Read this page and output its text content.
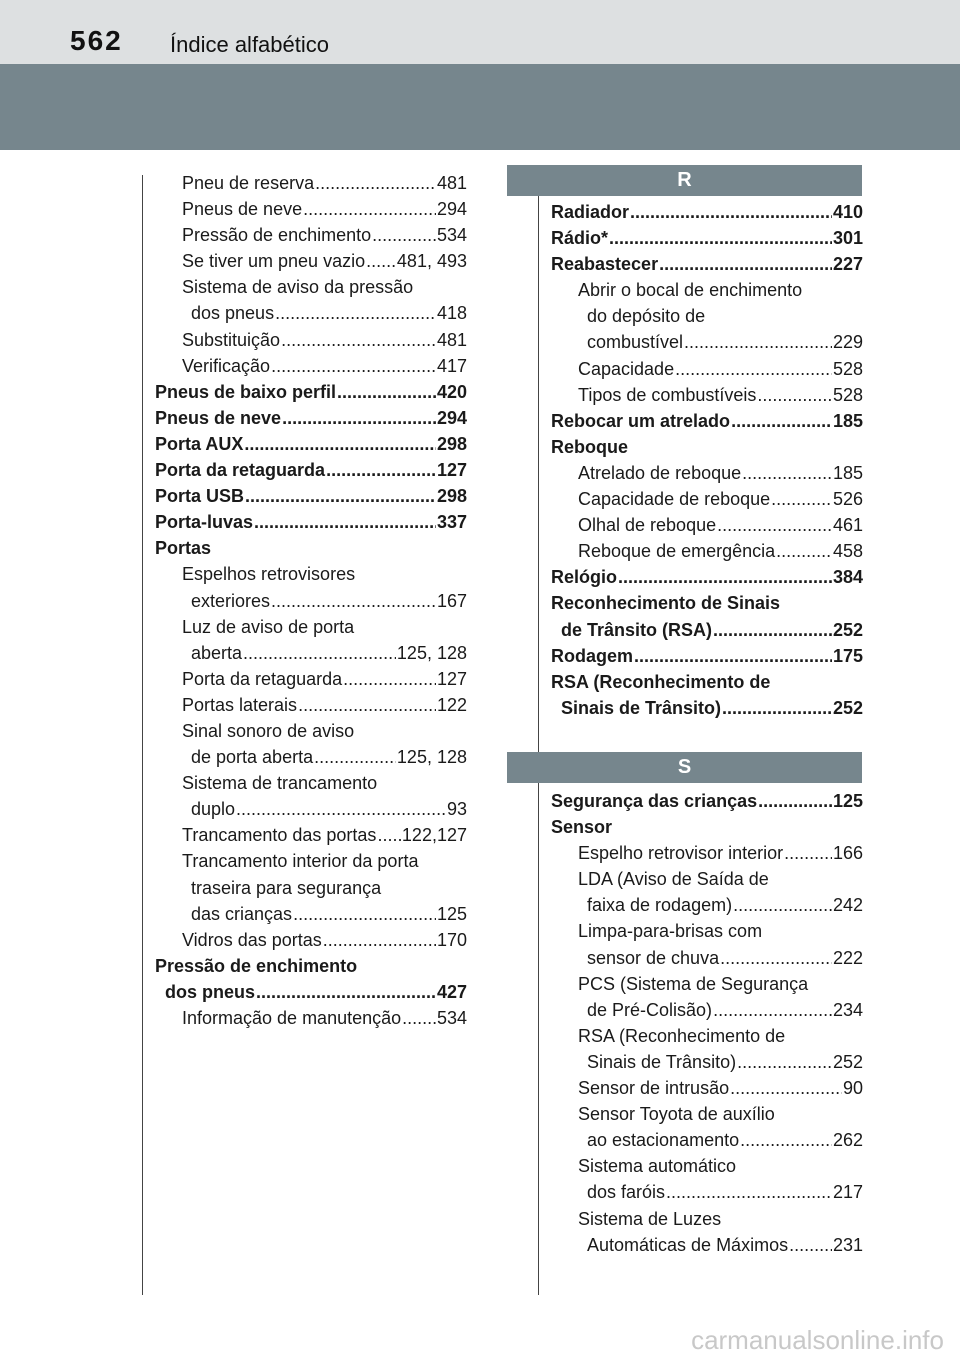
562 Índice alfabético
Pneu de reserva .....	481
Pneus de neve .....	294
Pressão de enchimento .....	534
Se tiver um pneu vazio ..... 481, 493
Sistema de aviso da pressão
dos pneus .....	418
Substituição .....	481
Verificação .....	417
Pneus de baixo perfil .....	420
Pneus de neve .....	294
Porta AUX .....	298
Porta da retaguarda .....	127
Porta USB .....	298
Porta-luvas .....	337
Portas
Espelhos retrovisores
exteriores .....	167
Luz de aviso de porta
aberta .....	125, 128
Porta da retaguarda .....	127
Portas laterais .....	122
Sinal sonoro de aviso
de porta aberta .....	125, 128
Sistema de trancamento
duplo .....	93
Trancamento das portas ..... 122,127
Trancamento interior da porta
traseira para segurança
das crianças .....	125
Vidros das portas .....	170
Pressão de enchimento
dos pneus .....	427
Informação de manutenção ..... 534
R
Radiador .....	410
Rádio* .....	301
Reabastecer .....	227
Abrir o bocal de enchimento
do depósito de
combustível .....	229
Capacidade .....	528
Tipos de combustíveis .....	528
Rebocar um atrelado .....	185
Reboque
Atrelado de reboque .....	185
Capacidade de reboque .....	526
Olhal de reboque .....	461
Reboque de emergência .....	458
Relógio .....	384
Reconhecimento de Sinais
de Trânsito (RSA) .....	252
Rodagem .....	175
RSA (Reconhecimento de
Sinais de Trânsito) .....	252
S
Segurança das crianças .....	125
Sensor
Espelho retrovisor interior .....	166
LDA (Aviso de Saída de
faixa de rodagem) .....	242
Limpa-para-brisas com
sensor de chuva .....	222
PCS (Sistema de Segurança
de Pré-Colisão) .....	234
RSA (Reconhecimento de
Sinais de Trânsito) .....	252
Sensor de intrusão .....	90
Sensor Toyota de auxílio
ao estacionamento .....	262
Sistema automático
dos faróis .....	217
Sistema de Luzes
Automáticas de Máximos ..... 231
carmanualsonline.info
